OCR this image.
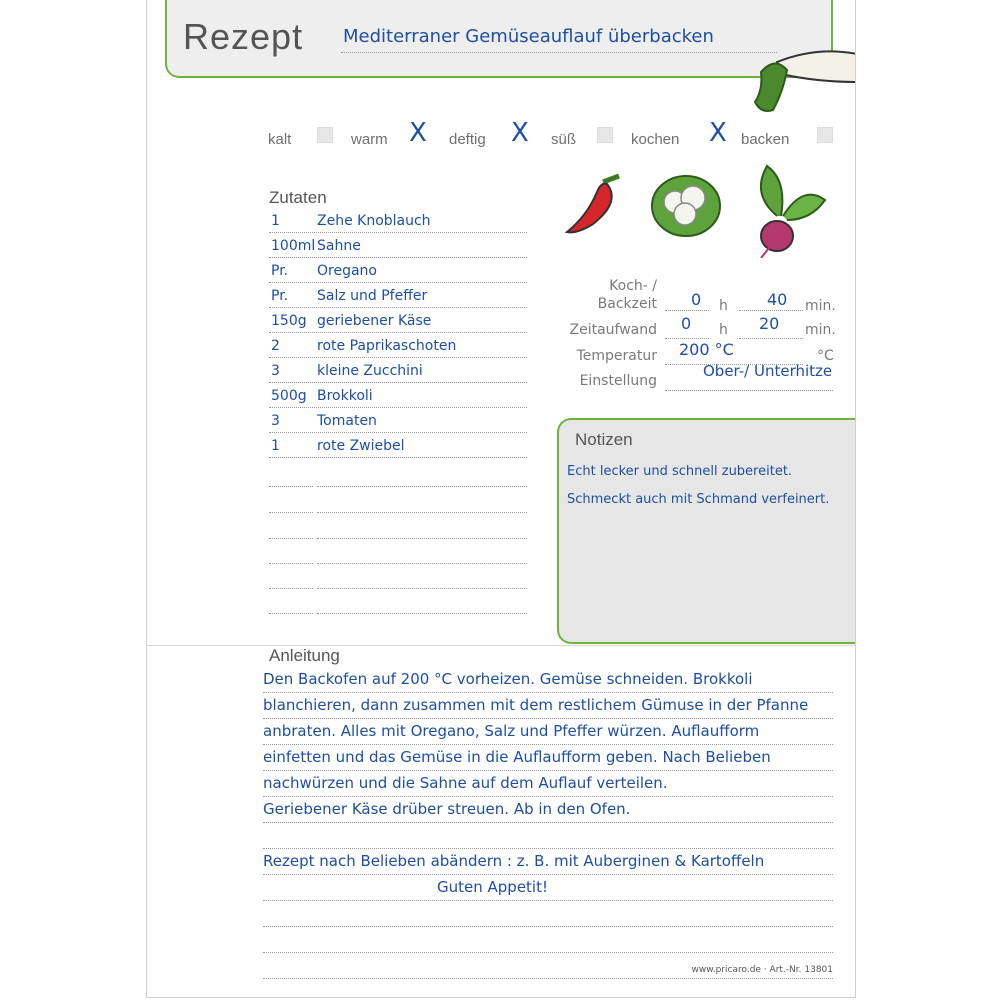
Rezept Mediterraner Gemüseauflauf überbacken
kalt	warm X deftig X süß	kochen X backen
Zutaten
Koch- /
Backzeit 0 h 40 min.
Zeitaufwand 0 h 20 min.
Temperatur 200 °C	°C
Einstellung
Ober-/ Unterhitze
Notizen
Echt lecker und schnell zubereitet.
Schmeckt auch mit Schmand verfeinert.
Anleitung
www.pricaro.de · Art.-Nr. 13801
1	Zehe Knoblauch
100ml Sahne
Pr. Oregano
Pr. Salz und Pfeffer
150g geriebener Käse
2	rote Paprikaschoten
3	kleine Zucchini
500g Brokkoli
3	Tomaten
1	rote Zwiebel
Den Backofen auf 200 °C vorheizen. Gemüse schneiden. Brokkoli
blanchieren, dann zusammen mit dem restlichem Gümuse in der Pfanne
anbraten. Alles mit Oregano, Salz und Pfeffer würzen. Auflaufform
einfetten und das Gemüse in die Auflaufform geben. Nach Belieben
nachwürzen und die Sahne auf dem Auflauf verteilen.
Geriebener Käse drüber streuen. Ab in den Ofen.
Rezept nach Belieben abändern : z. B. mit Auberginen & Kartoffeln
Guten Appetit!
